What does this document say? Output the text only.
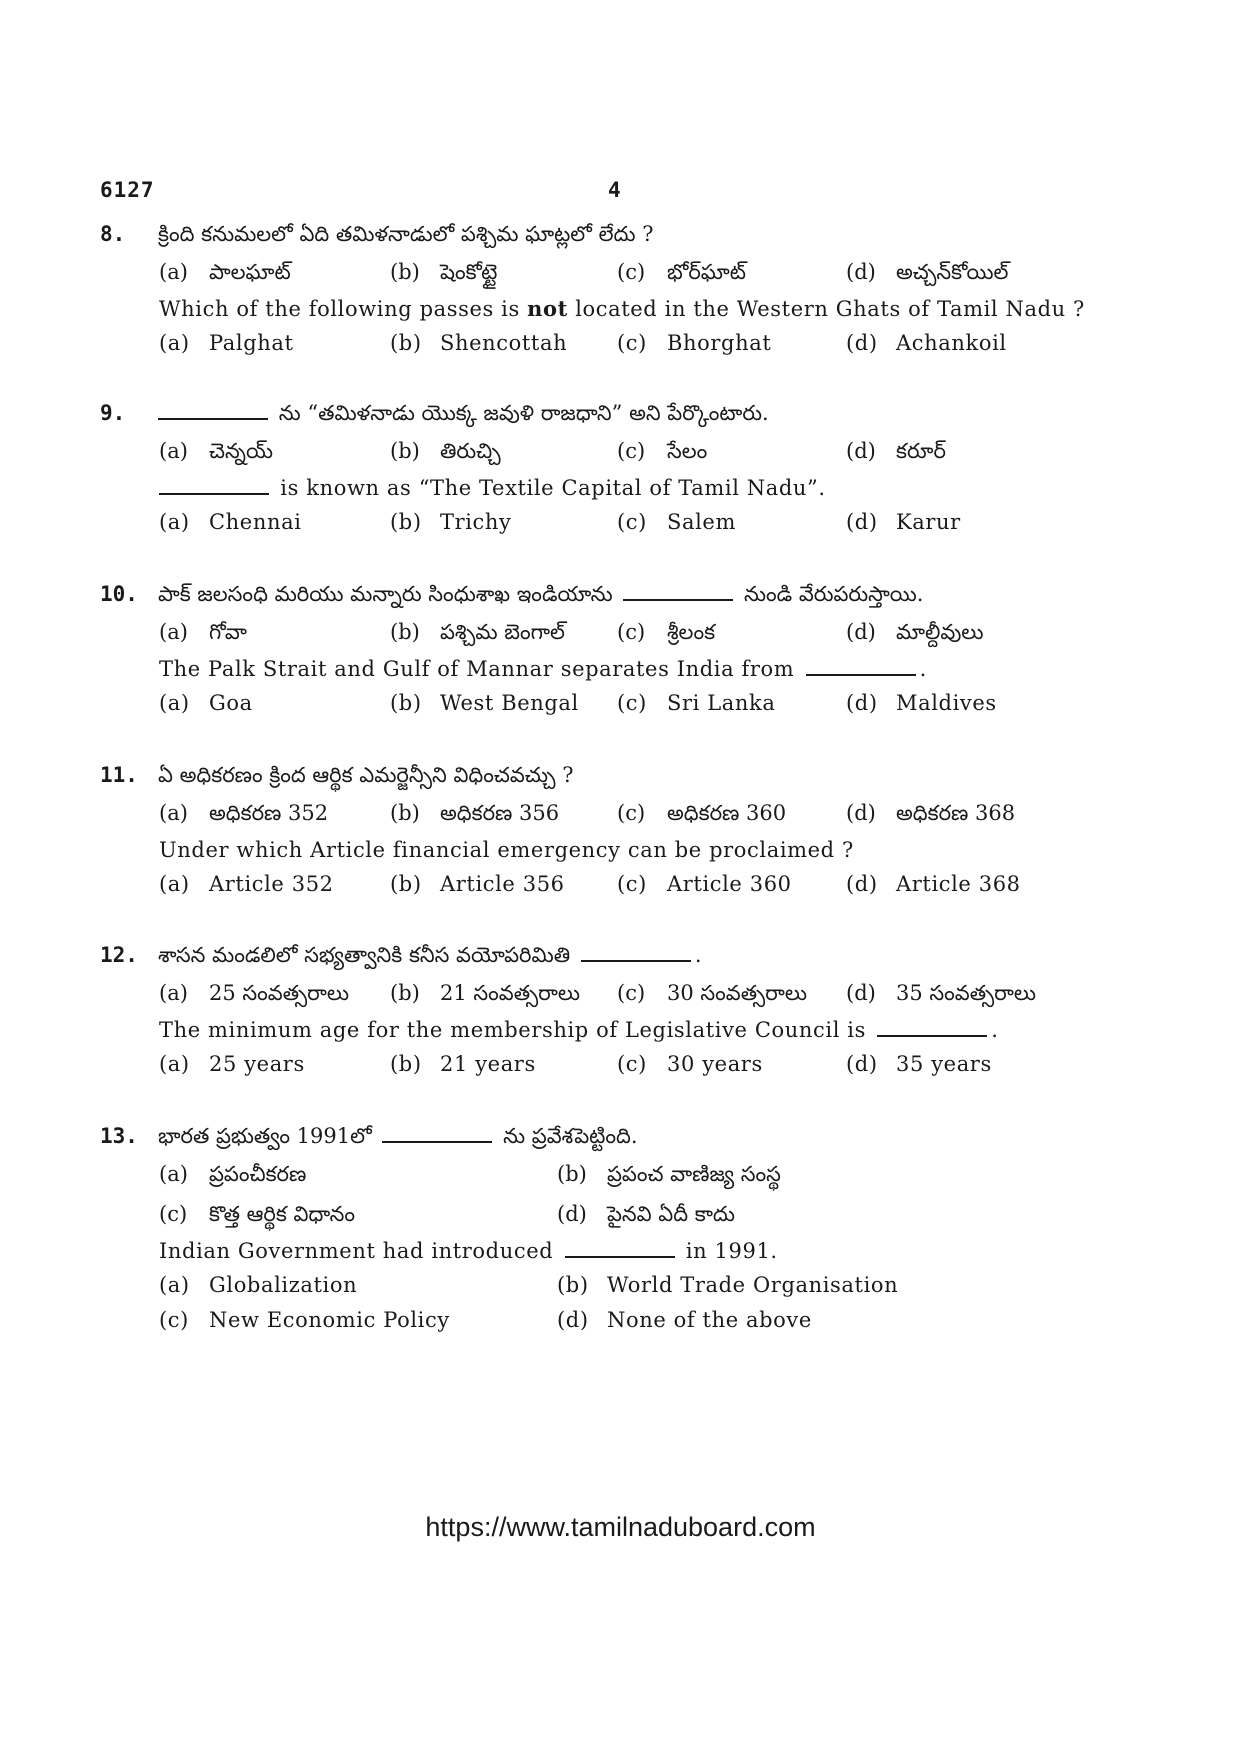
6127	4
8. క్రింది కనుమలలో ఏది తమిళనాడులో పశ్చిమ ఘాట్లలో లేదు ?
(a) పాలఘాట్	(b) షెంకోట్టై	(c) భోర్‌ఘాట్	(d) అచ్చన్‌కోయిల్
Which of the following passes is not located in the Western Ghats of Tamil Nadu ?
(a) Palghat	(b) Shencottah (c) Bhorghat	(d) Achankoil
9.	ను “తమిళనాడు యొక్క జవుళి రాజధాని” అని పేర్కొంటారు.
(a) చెన్నయ్	(b) తిరుచ్చి	(c) సేలం	(d) కరూర్
is known as “The Textile Capital of Tamil Nadu”.
(a) Chennai	(b) Trichy	(c) Salem	(d) Karur
10. పాక్ జలసంధి మరియు మన్నారు సింధుశాఖ ఇండియాను	నుండి వేరుపరుస్తాయి.
(a) గోవా	(b) పశ్చిమ బెంగాల్ (c) శ్రీలంక	(d) మాల్దీవులు
The Palk Strait and Gulf of Mannar separates India from	.
(a) Goa	(b) West Bengal (c) Sri Lanka	(d) Maldives
11. ఏ అధికరణం క్రింద ఆర్థిక ఎమర్జెన్సీని విధించవచ్చు ?
(a) అధికరణ 352	(b) అధికరణ 356	(c) అధికరణ 360	(d) అధికరణ 368
Under which Article financial emergency can be proclaimed ?
(a) Article 352	(b) Article 356 (c) Article 360	(d) Article 368
12. శాసన మండలిలో సభ్యత్వానికి కనీస వయోపరిమితి	.
(a) 25 సంవత్సరాలు (b) 21 సంవత్సరాలు (c) 30 సంవత్సరాలు (d) 35 సంవత్సరాలు
The minimum age for the membership of Legislative Council is	.
(a) 25 years	(b) 21 years	(c) 30 years	(d) 35 years
13. భారత ప్రభుత్వం 1991లో	ను ప్రవేశపెట్టింది.
(a) ప్రపంచీకరణ	(b) ప్రపంచ వాణిజ్య సంస్థ
(c) కొత్త ఆర్థిక విధానం	(d) పైనవి ఏదీ కాదు
Indian Government had introduced	in 1991.
(a) Globalization	(b) World Trade Organisation
(c) New Economic Policy	(d) None of the above
https://www.tamilnaduboard.com
